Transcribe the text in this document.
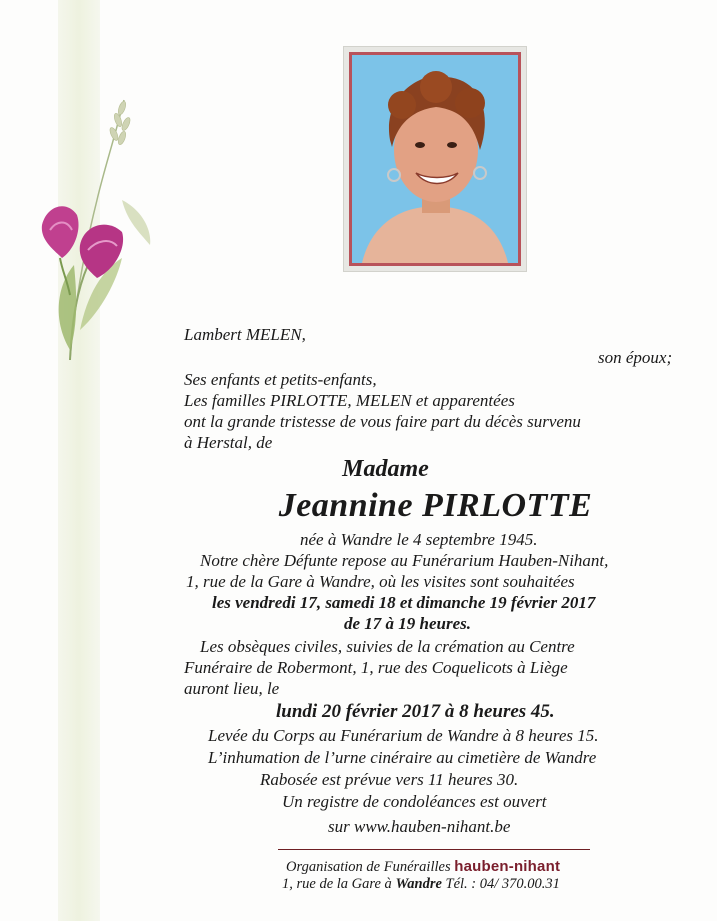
Lambert MELEN,
son époux;
Ses enfants et petits-enfants,
Les familles PIRLOTTE, MELEN et apparentées
ont la grande tristesse de vous faire part du décès survenu
à Herstal, de
Madame
Jeannine PIRLOTTE
née à Wandre le 4 septembre 1945.
Notre chère Défunte repose au Funérarium Hauben-Nihant,
1, rue de la Gare à Wandre, où les visites sont souhaitées
les vendredi 17, samedi 18 et dimanche 19 février 2017
de 17 à 19 heures.
Les obsèques civiles, suivies de la crémation au Centre
Funéraire de Robermont, 1, rue des Coquelicots à Liège
auront lieu, le
lundi 20 février 2017 à 8 heures 45.
Levée du Corps au Funérarium de Wandre à 8 heures 15.
L’inhumation de l’urne cinéraire au cimetière de Wandre
Rabosée est prévue vers 11 heures 30.
Un registre de condoléances est ouvert
sur www.hauben-nihant.be
Organisation de Funérailles hauben-nihant
1, rue de la Gare à Wandre Tél. : 04/ 370.00.31
